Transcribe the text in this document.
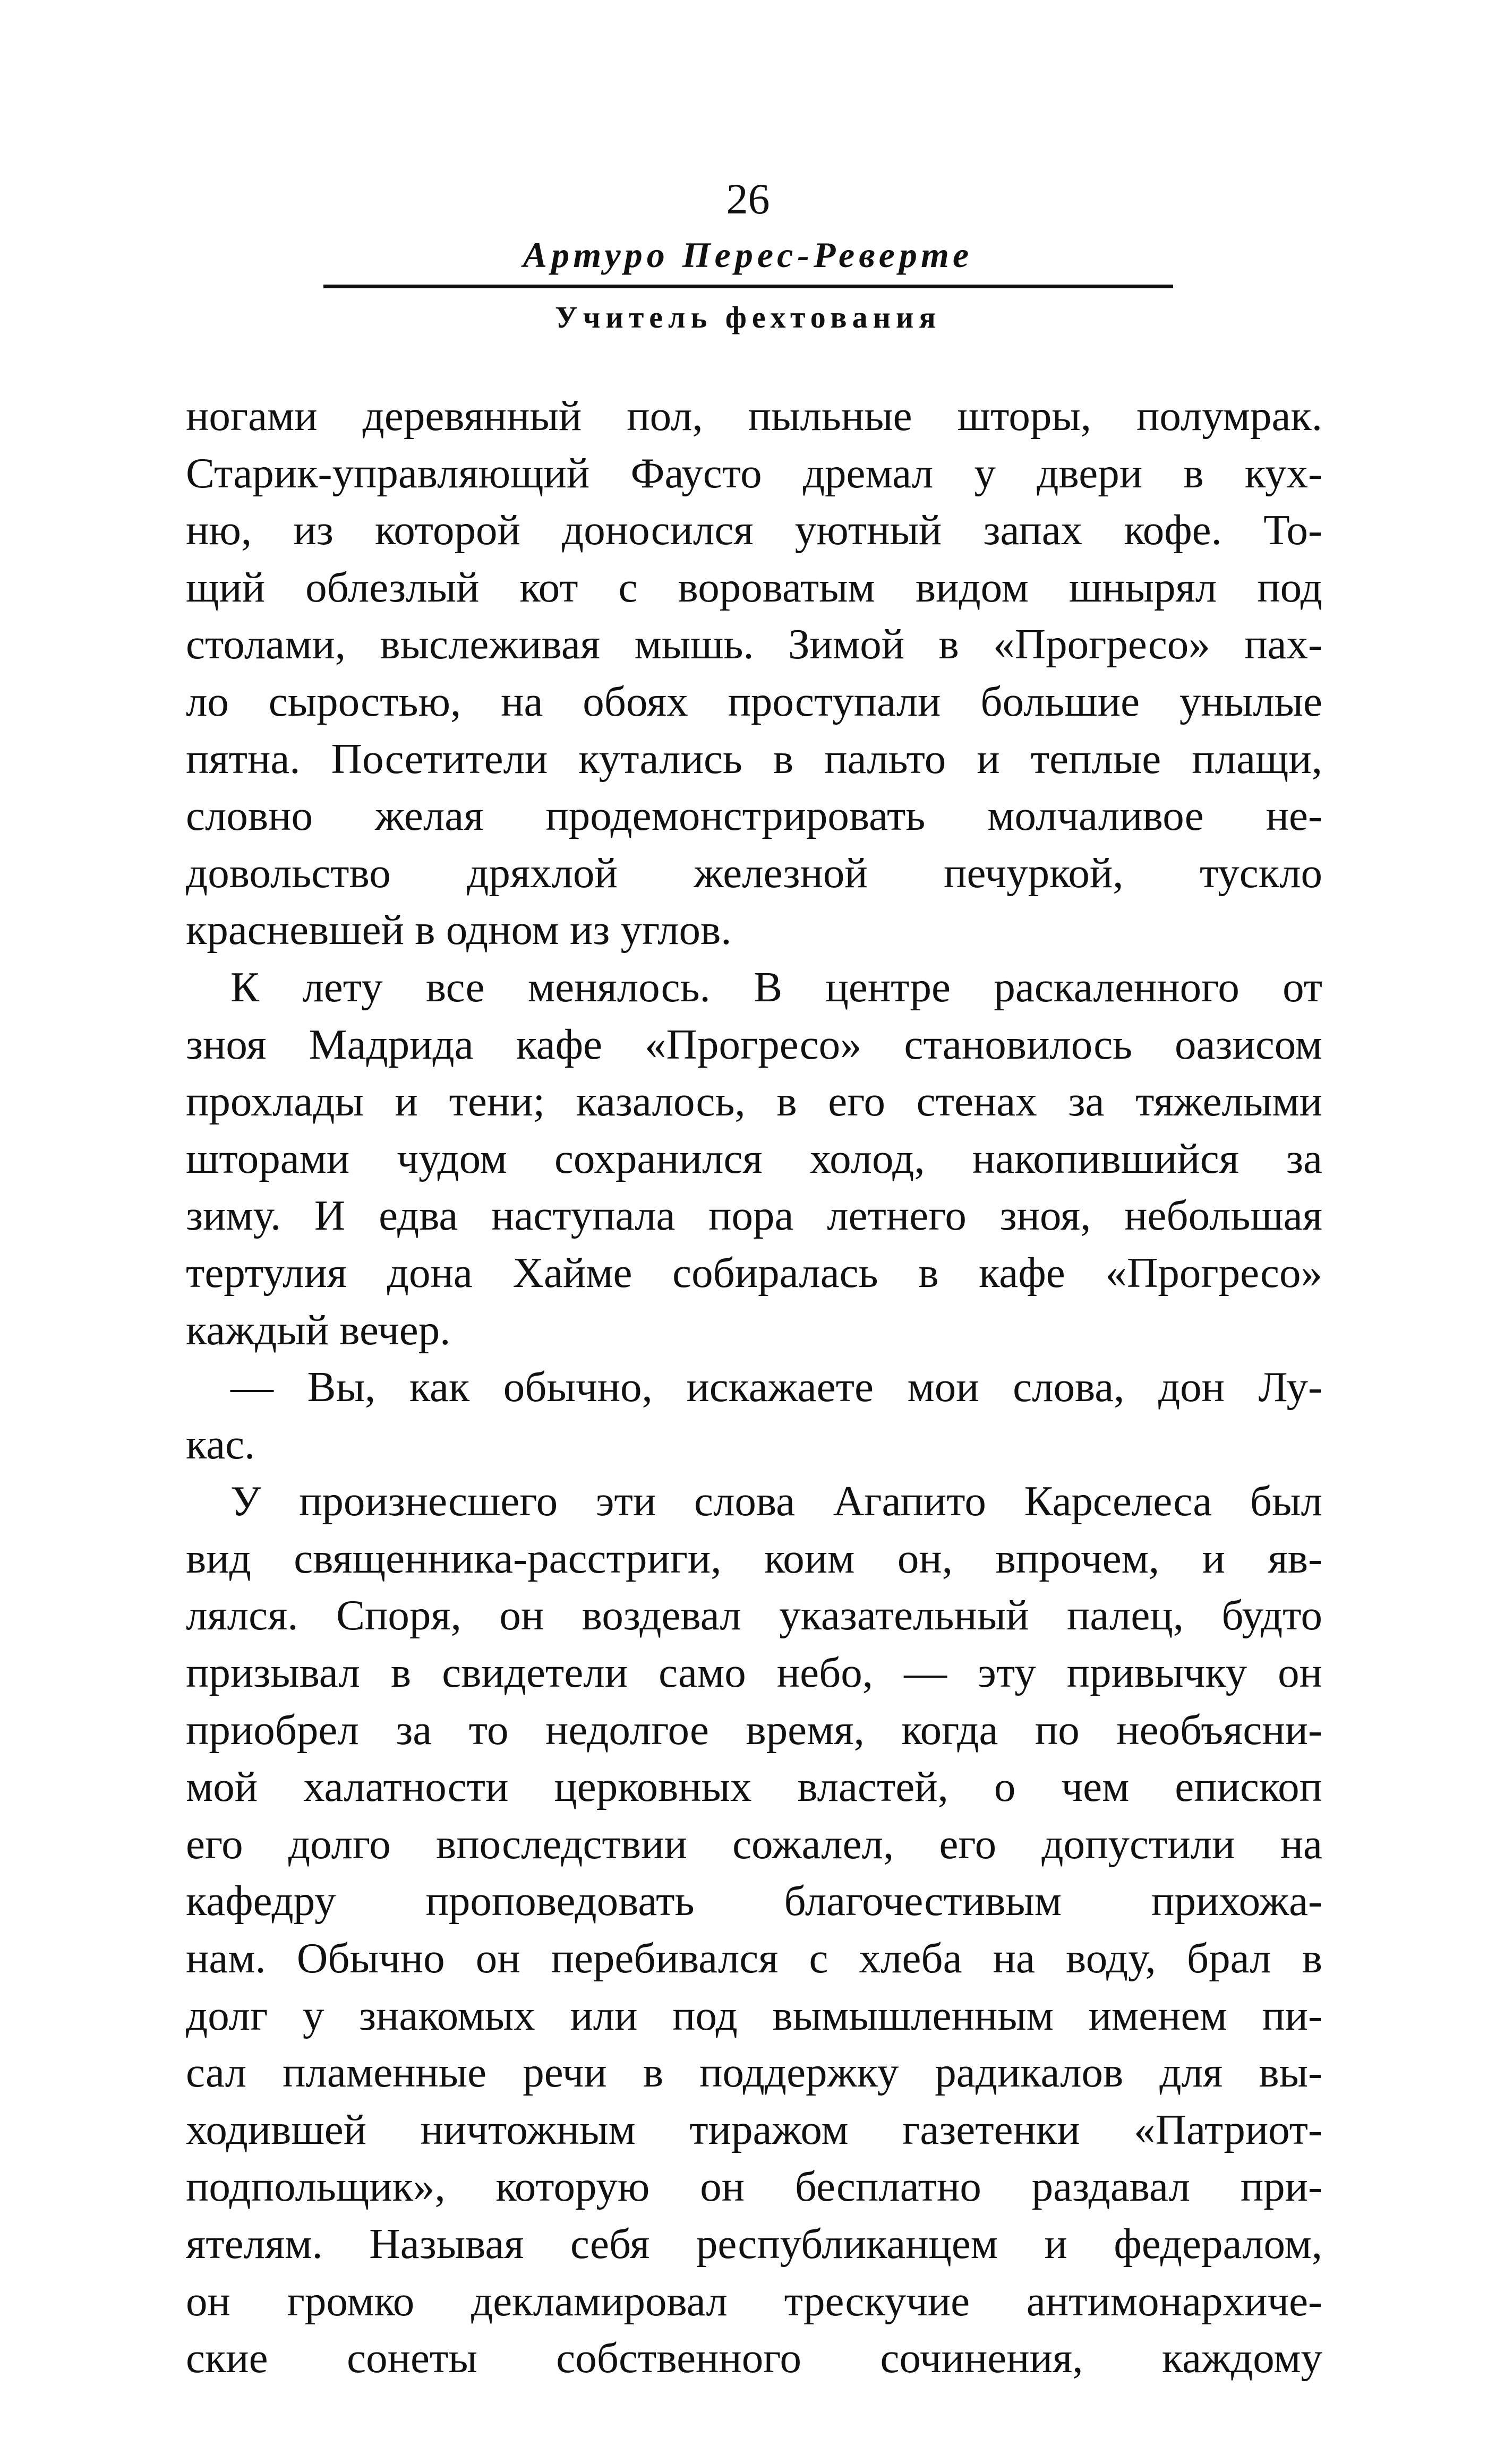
26
Артуро Перес-Реверте
Учитель фехтования
ногами деревянный пол, пыльные шторы, полумрак.
Старик-управляющий Фаусто дремал у двери в кух-
ню, из которой доносился уютный запах кофе. То-
щий облезлый кот с вороватым видом шнырял под
столами, выслеживая мышь. Зимой в «Прогресо» пах-
ло сыростью, на обоях проступали большие унылые
пятна. Посетители кутались в пальто и теплые плащи,
словно желая продемонстрировать молчаливое не-
довольство дряхлой железной печуркой, тускло
красневшей в одном из углов.
К лету все менялось. В центре раскаленного от
зноя Мадрида кафе «Прогресо» становилось оазисом
прохлады и тени; казалось, в его стенах за тяжелыми
шторами чудом сохранился холод, накопившийся за
зиму. И едва наступала пора летнего зноя, небольшая
тертулия дона Хайме собиралась в кафе «Прогресо»
каждый вечер.
— Вы, как обычно, искажаете мои слова, дон Лу-
кас.
У произнесшего эти слова Агапито Карселеса был
вид священника-расстриги, коим он, впрочем, и яв-
лялся. Споря, он воздевал указательный палец, будто
призывал в свидетели само небо, — эту привычку он
приобрел за то недолгое время, когда по необъясни-
мой халатности церковных властей, о чем епископ
его долго впоследствии сожалел, его допустили на
кафедру проповедовать благочестивым прихожа-
нам. Обычно он перебивался с хлеба на воду, брал в
долг у знакомых или под вымышленным именем пи-
сал пламенные речи в поддержку радикалов для вы-
ходившей ничтожным тиражом газетенки «Патриот-
подпольщик», которую он бесплатно раздавал при-
ятелям. Называя себя республиканцем и федералом,
он громко декламировал трескучие антимонархиче-
ские сонеты собственного сочинения, каждому
